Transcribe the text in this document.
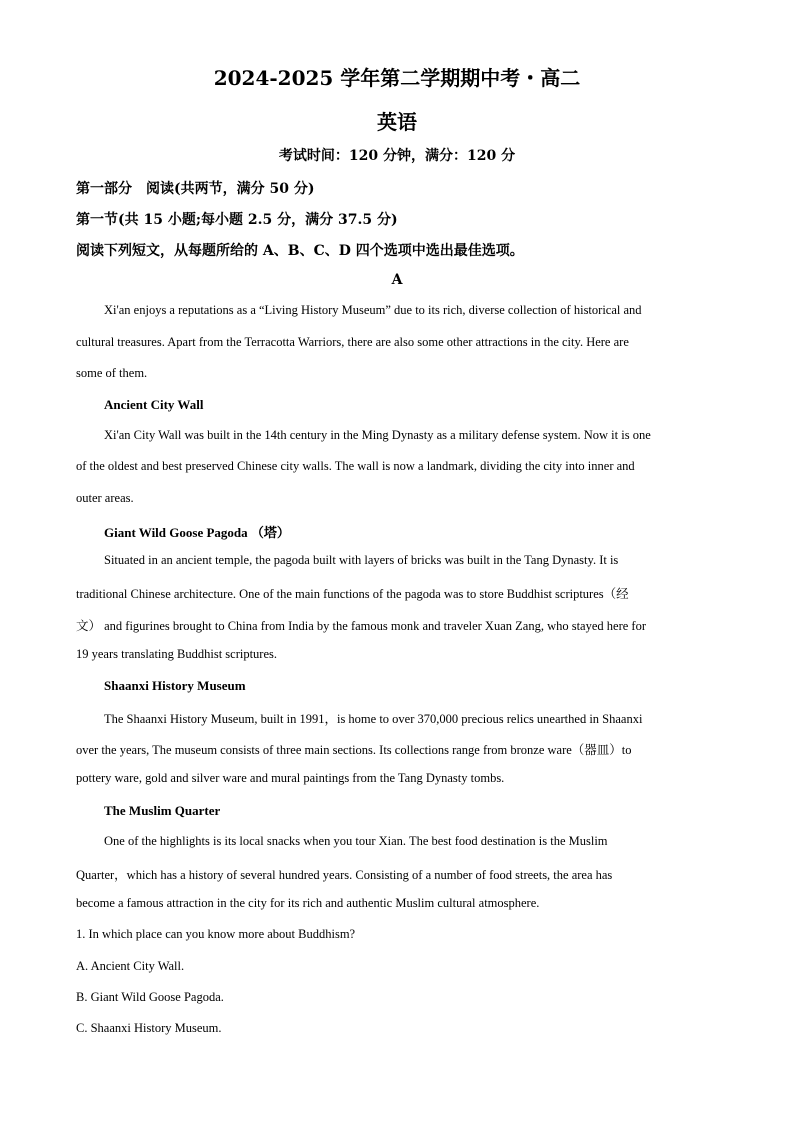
2024-2025 学年第二学期期中考・高二
英语
考试时间：120 分钟，满分：120 分
第一部分　阅读(共两节，满分 50 分)
第一节(共 15 小题;每小题 2.5 分，满分 37.5 分)
阅读下列短文，从每题所给的 A、B、C、D 四个选项中选出最佳选项。
A
Xi'an enjoys a reputations as a “Living History Museum” due to its rich, diverse collection of historical and
cultural treasures. Apart from the Terracotta Warriors, there are also some other attractions in the city. Here are
some of them.
Ancient City Wall
Xi'an City Wall was built in the 14th century in the Ming Dynasty as a military defense system. Now it is one
of the oldest and best preserved Chinese city walls. The wall is now a landmark, dividing the city into inner and
outer areas.
Giant Wild Goose Pagoda （塔）
Situated in an ancient temple, the pagoda built with layers of bricks was built in the Tang Dynasty. It is
traditional Chinese architecture. One of the main functions of the pagoda was to store Buddhist scriptures（经
文） and figurines brought to China from India by the famous monk and traveler Xuan Zang, who stayed here for
19 years translating Buddhist scriptures.
Shaanxi History Museum
The Shaanxi History Museum, built in 1991，is home to over 370,000 precious relics unearthed in Shaanxi
over the years, The museum consists of three main sections. Its collections range from bronze ware（器皿）to
pottery ware, gold and silver ware and mural paintings from the Tang Dynasty tombs.
The Muslim Quarter
One of the highlights is its local snacks when you tour Xian. The best food destination is the Muslim
Quarter，which has a history of several hundred years. Consisting of a number of food streets, the area has
become a famous attraction in the city for its rich and authentic Muslim cultural atmosphere.
1. In which place can you know more about Buddhism?
A. Ancient City Wall.
B. Giant Wild Goose Pagoda.
C. Shaanxi History Museum.
